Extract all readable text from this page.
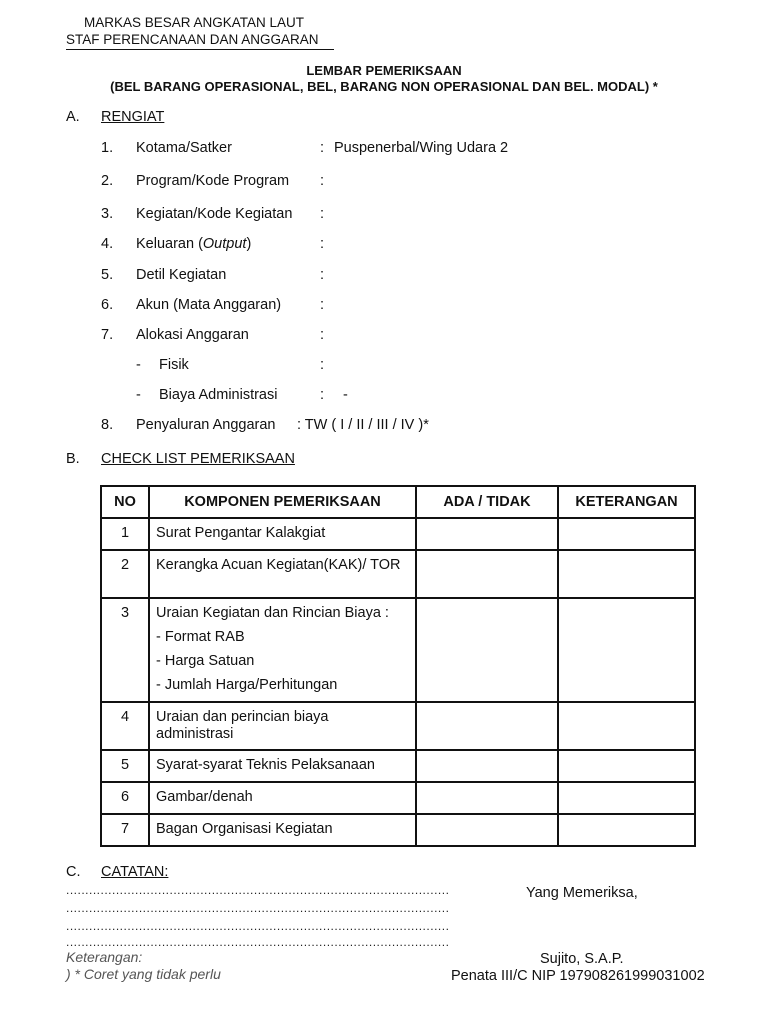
MARKAS BESAR ANGKATAN LAUT
STAF PERENCANAAN DAN ANGGARAN
LEMBAR PEMERIKSAAN
(BEL BARANG OPERASIONAL, BEL, BARANG NON OPERASIONAL DAN BEL. MODAL) *
A. RENGIAT
1. Kotama/Satker	: Puspenerbal/Wing Udara 2
2. Program/Kode Program :
3. Kegiatan/Kode Kegiatan :
4. Keluaran (Output)	:
5. Detil Kegiatan	:
6. Akun (Mata Anggaran)	:
7. Alokasi Anggaran	:
- Fisik	:
- Biaya Administrasi	: -
8. Penyaluran Anggaran : TW ( I / II / III / IV )*
B. CHECK LIST PEMERIKSAAN
NO	KOMPONEN PEMERIKSAAN	ADA / TIDAK	KETERANGAN
1	Surat Pengantar Kalakgiat		
2	Kerangka Acuan Kegiatan(KAK)/ TOR		
3	Uraian Kegiatan dan Rincian Biaya :
- Format RAB
- Harga Satuan
- Jumlah Harga/Perhitungan		

4	Uraian dan perincian biaya administrasi		
5	Syarat-syarat Teknis Pelaksanaan		
6	Gambar/denah		
7	Bagan Organisasi Kegiatan		
C. CATATAN:
....................................................................................................
....................................................................................................
....................................................................................................
....................................................................................................
Keterangan:
) * Coret yang tidak perlu
Yang Memeriksa,
Sujito, S.A.P.
Penata III/C NIP 197908261999031002
